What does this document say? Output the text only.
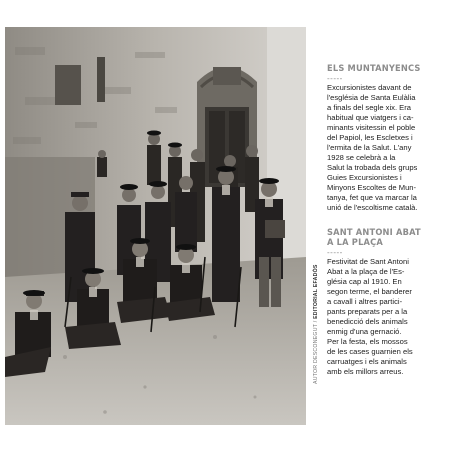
AUTOR DESCONEGUT / EDITORIAL EFADÒS
ELS MUNTANYENCS
-----

Excursionistes davant de
l'església de Santa Eulàlia
a finals del segle xix. Era
habitual que viatgers i ca-
minants visitessin el poble
del Papiol, les Escletxes i
l'ermita de la Salut. L'any
1928 se celebrà a la
Salut la trobada dels grups
Guies Excursionistes i
Minyons Escoltes de Mun-
tanya, fet que va marcar la
unió de l'escoltisme català.

SANT ANTONI ABAT
A LA PLAÇA
-----

Festivitat de Sant Antoni
Abat a la plaça de l'Es-
glésia cap al 1910. En
segon terme, el banderer
a cavall i altres partici-
pants preparats per a la
benedicció dels animals
enmig d'una gernació.
Per la festa, els mossos
de les cases guarnien els
carruatges i els animals
amb els millors arreus.
